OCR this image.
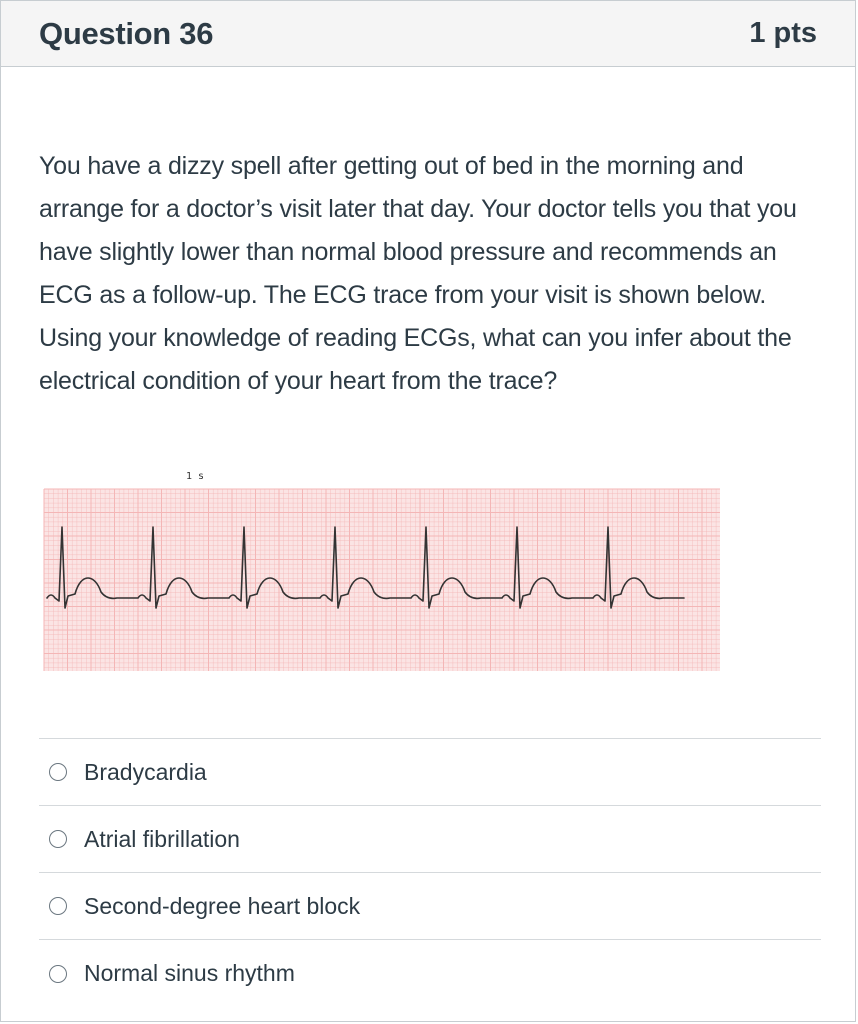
Question 36	1 pts

You have a dizzy spell after getting out of bed in the morning and arrange for a doctor’s visit later that day. Your doctor tells you that you have slightly lower than normal blood pressure and recommends an ECG as a follow-up. The ECG trace from your visit is shown below. Using your knowledge of reading ECGs, what can you infer about the electrical condition of your heart from the trace?

1 s
Bradycardia
Atrial fibrillation
Second-degree heart block
Normal sinus rhythm
